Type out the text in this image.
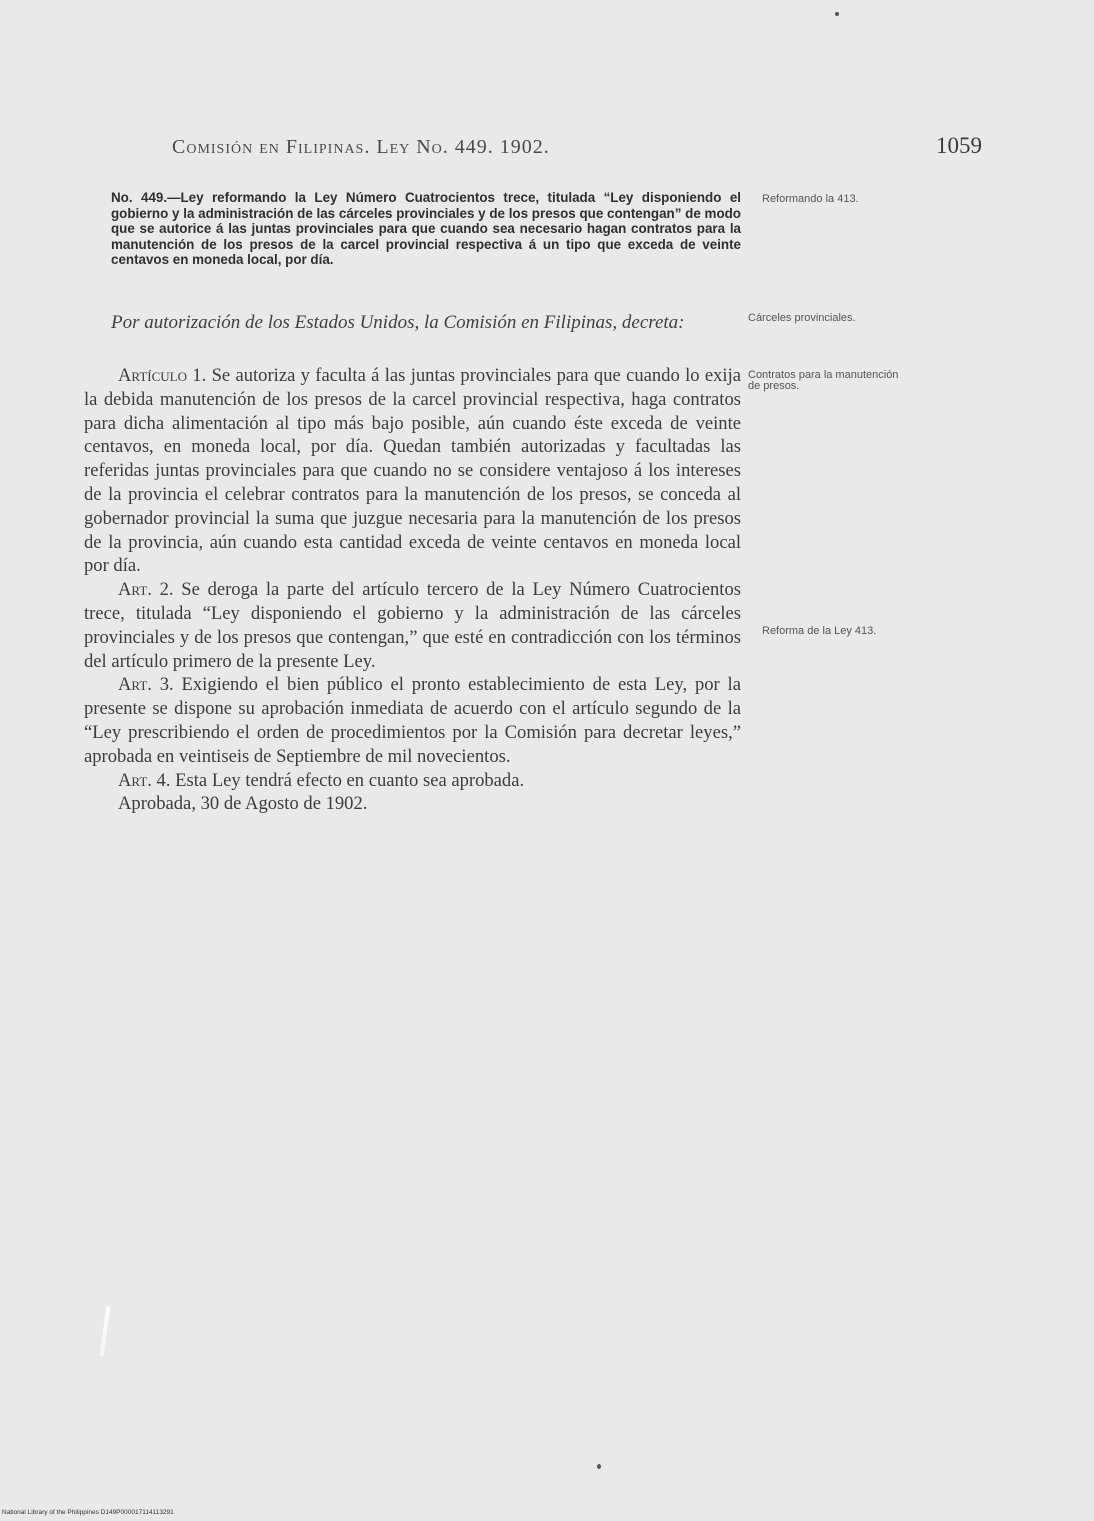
Comisión en Filipinas. Ley No. 449. 1902.	1059
No. 449.—Ley reformando la Ley Número Cuatrocientos trece, titulada “Ley disponiendo el gobierno y la administración de las cárceles provinciales y de los presos que contengan” de modo que se autorice á las juntas provinciales para que cuando sea necesario hagan contratos para la manutención de los presos de la carcel provincial respectiva á un tipo que exceda de veinte centavos en moneda local, por día.
Por autorización de los Estados Unidos, la Comisión en Filipinas, decreta:

Artículo 1. Se autoriza y faculta á las juntas provinciales para que cuando lo exija la debida manutención de los presos de la carcel provincial respectiva, haga contratos para dicha alimentación al tipo más bajo posible, aún cuando éste exceda de veinte centavos, en moneda local, por día. Quedan también autorizadas y facultadas las referidas juntas provinciales para que cuando no se considere ventajoso á los intereses de la provincia el celebrar contratos para la manutención de los presos, se conceda al gobernador provincial la suma que juzgue necesaria para la manutención de los presos de la provincia, aún cuando esta cantidad exceda de veinte centavos en moneda local por día.

Art. 2. Se deroga la parte del artículo tercero de la Ley Número Cuatrocientos trece, titulada “Ley disponiendo el gobierno y la administración de las cárceles provinciales y de los presos que contengan,” que esté en contradicción con los términos del artículo primero de la presente Ley.

Art. 3. Exigiendo el bien público el pronto establecimiento de esta Ley, por la presente se dispone su aprobación inmediata de acuerdo con el artículo segundo de la “Ley prescribiendo el orden de procedimientos por la Comisión para decretar leyes,” aprobada en veintiseis de Septiembre de mil novecientos.

Art. 4. Esta Ley tendrá efecto en cuanto sea aprobada.

Aprobada, 30 de Agosto de 1902.

Reformando la 413.
Cárceles provinciales.
Contratos para la manutención de presos.
Reforma de la Ley 413.
National Library of the Philippines D149P000017114113291
